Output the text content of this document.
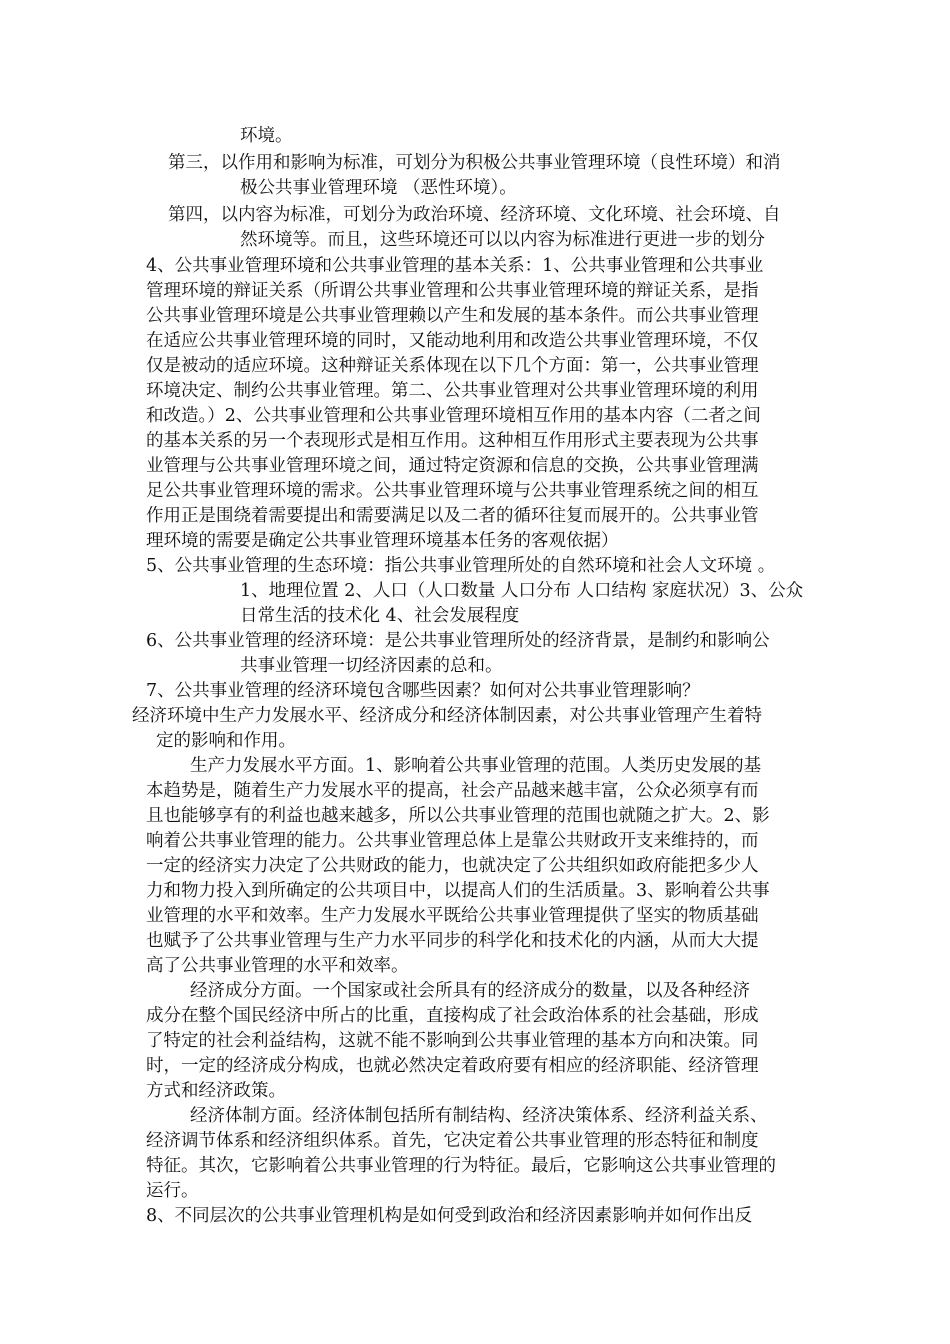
环境。
第三，以作用和影响为标准，可划分为积极公共事业管理环境（良性环境）和消
极公共事业管理环境 （恶性环境）。
第四，以内容为标准，可划分为政治环境、经济环境、文化环境、社会环境、自
然环境等。而且，这些环境还可以以内容为标准进行更进一步的划分
4、公共事业管理环境和公共事业管理的基本关系：1、公共事业管理和公共事业
管理环境的辩证关系（所谓公共事业管理和公共事业管理环境的辩证关系，是指
公共事业管理环境是公共事业管理赖以产生和发展的基本条件。而公共事业管理
在适应公共事业管理环境的同时，又能动地利用和改造公共事业管理环境，不仅
仅是被动的适应环境。这种辩证关系体现在以下几个方面：第一，公共事业管理
环境决定、制约公共事业管理。第二、公共事业管理对公共事业管理环境的利用
和改造。）2、公共事业管理和公共事业管理环境相互作用的基本内容（二者之间
的基本关系的另一个表现形式是相互作用。这种相互作用形式主要表现为公共事
业管理与公共事业管理环境之间，通过特定资源和信息的交换，公共事业管理满
足公共事业管理环境的需求。公共事业管理环境与公共事业管理系统之间的相互
作用正是围绕着需要提出和需要满足以及二者的循环往复而展开的。公共事业管
理环境的需要是确定公共事业管理环境基本任务的客观依据）
5、公共事业管理的生态环境：指公共事业管理所处的自然环境和社会人文环境 。
1、地理位置 2、人口（人口数量 人口分布 人口结构 家庭状况）3、公众
日常生活的技术化 4、社会发展程度
6、公共事业管理的经济环境：是公共事业管理所处的经济背景，是制约和影响公
共事业管理一切经济因素的总和。
7、公共事业管理的经济环境包含哪些因素？如何对公共事业管理影响？
经济环境中生产力发展水平、经济成分和经济体制因素，对公共事业管理产生着特
定的影响和作用。
生产力发展水平方面。1、影响着公共事业管理的范围。人类历史发展的基
本趋势是，随着生产力发展水平的提高，社会产品越来越丰富，公众必须享有而
且也能够享有的利益也越来越多，所以公共事业管理的范围也就随之扩大。2、影
响着公共事业管理的能力。公共事业管理总体上是靠公共财政开支来维持的，而
一定的经济实力决定了公共财政的能力，也就决定了公共组织如政府能把多少人
力和物力投入到所确定的公共项目中，以提高人们的生活质量。3、影响着公共事
业管理的水平和效率。生产力发展水平既给公共事业管理提供了坚实的物质基础
也赋予了公共事业管理与生产力水平同步的科学化和技术化的内涵，从而大大提
高了公共事业管理的水平和效率。
经济成分方面。一个国家或社会所具有的经济成分的数量，以及各种经济
成分在整个国民经济中所占的比重，直接构成了社会政治体系的社会基础，形成
了特定的社会利益结构，这就不能不影响到公共事业管理的基本方向和决策。同
时，一定的经济成分构成，也就必然决定着政府要有相应的经济职能、经济管理
方式和经济政策。
经济体制方面。经济体制包括所有制结构、经济决策体系、经济利益关系、
经济调节体系和经济组织体系。首先，它决定着公共事业管理的形态特征和制度
特征。其次，它影响着公共事业管理的行为特征。最后，它影响这公共事业管理的
运行。
8、不同层次的公共事业管理机构是如何受到政治和经济因素影响并如何作出反
